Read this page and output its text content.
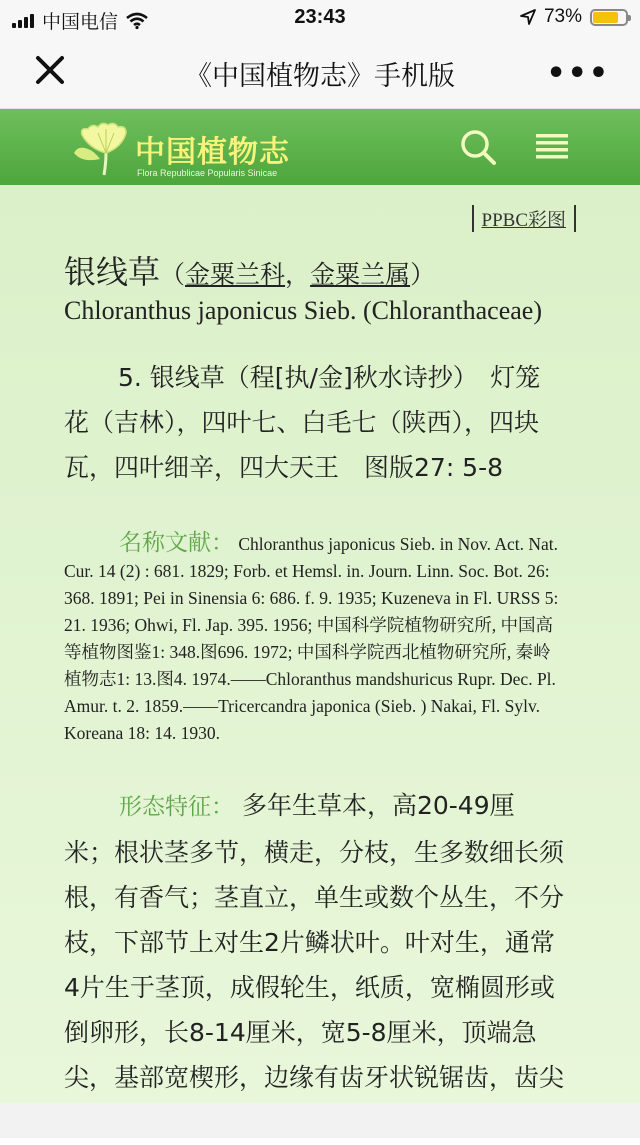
中国电信	23:43	73%
《中国植物志》手机版	•••
中国植物志
Flora Republicae Popularis Sinicae
PPBC彩图
银线草（金粟兰科，金粟兰属）
Chloranthus japonicus Sieb. (Chloranthaceae)
5. 银线草（程[执/金]秋水诗抄）　灯笼花（吉林），四叶七、白毛七（陕西），四块瓦，四叶细辛，四大天王　图版27: 5-8
名称文献： Chloranthus japonicus Sieb. in Nov. Act. Nat. Cur. 14 (2) : 681. 1829; Forb. et Hemsl. in. Journ. Linn. Soc. Bot. 26: 368. 1891; Pei in Sinensia 6: 686. f. 9. 1935; Kuzeneva in Fl. URSS 5: 21. 1936; Ohwi, Fl. Jap. 395. 1956; 中国科学院植物研究所, 中国高等植物图鉴1: 348.图696. 1972; 中国科学院西北植物研究所, 秦岭植物志1: 13.图4. 1974.——Chloranthus mandshuricus Rupr. Dec. Pl. Amur. t. 2. 1859.——Tricercandra japonica (Sieb. ) Nakai, Fl. Sylv. Koreana 18: 14. 1930.
形态特征： 多年生草本，高20-49厘米；根状茎多节，横走，分枝，生多数细长须根，有香气；茎直立，单生或数个丛生，不分枝，下部节上对生2片鳞状叶。叶对生，通常4片生于茎顶，成假轮生，纸质，宽椭圆形或倒卵形，长8-14厘米，宽5-8厘米，顶端急尖，基部宽楔形，边缘有齿牙状锐锯齿，齿尖
